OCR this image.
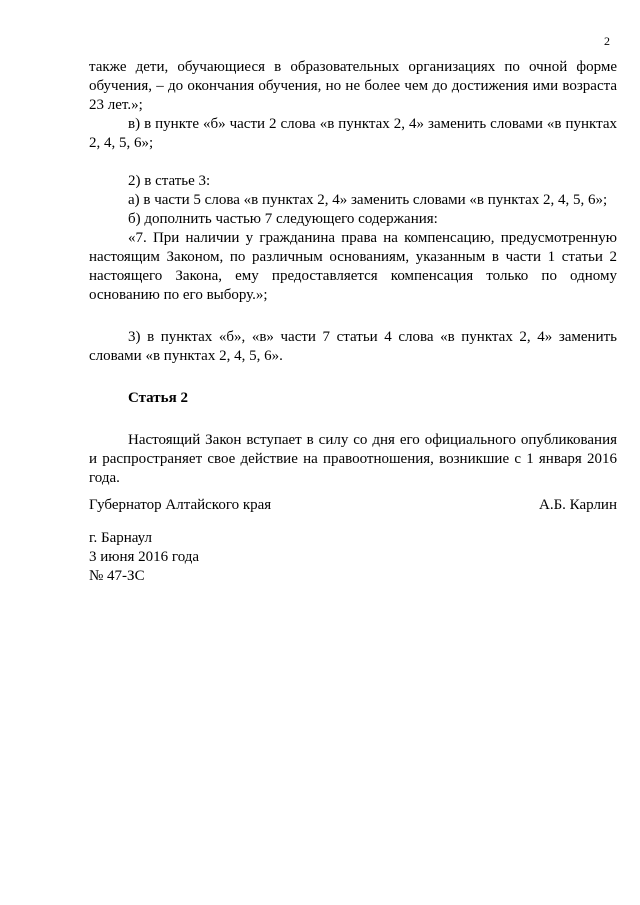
2

также дети, обучающиеся в образовательных организациях по очной форме обучения, – до окончания обучения, но не более чем до достижения ими возраста 23 лет.»;

в) в пункте «б» части 2 слова «в пунктах 2, 4» заменить словами «в пунктах 2, 4, 5, 6»;

2) в статье 3:

а) в части 5 слова «в пунктах 2, 4» заменить словами «в пунктах 2, 4, 5, 6»;

б) дополнить частью 7 следующего содержания:

«7. При наличии у гражданина права на компенсацию, предусмотренную настоящим Законом, по различным основаниям, указанным в части 1 статьи 2 настоящего Закона, ему предоставляется компенсация только по одному основанию по его выбору.»;

3) в пунктах «б», «в» части 7 статьи 4 слова «в пунктах 2, 4» заменить словами «в пунктах 2, 4, 5, 6».

Статья 2

Настоящий Закон вступает в силу со дня его официального опубликования и распространяет свое действие на правоотношения, возникшие с 1 января 2016 года.

Губернатор Алтайского края	А.Б. Карлин
г. Барнаул
3 июня 2016 года
№ 47-ЗС
